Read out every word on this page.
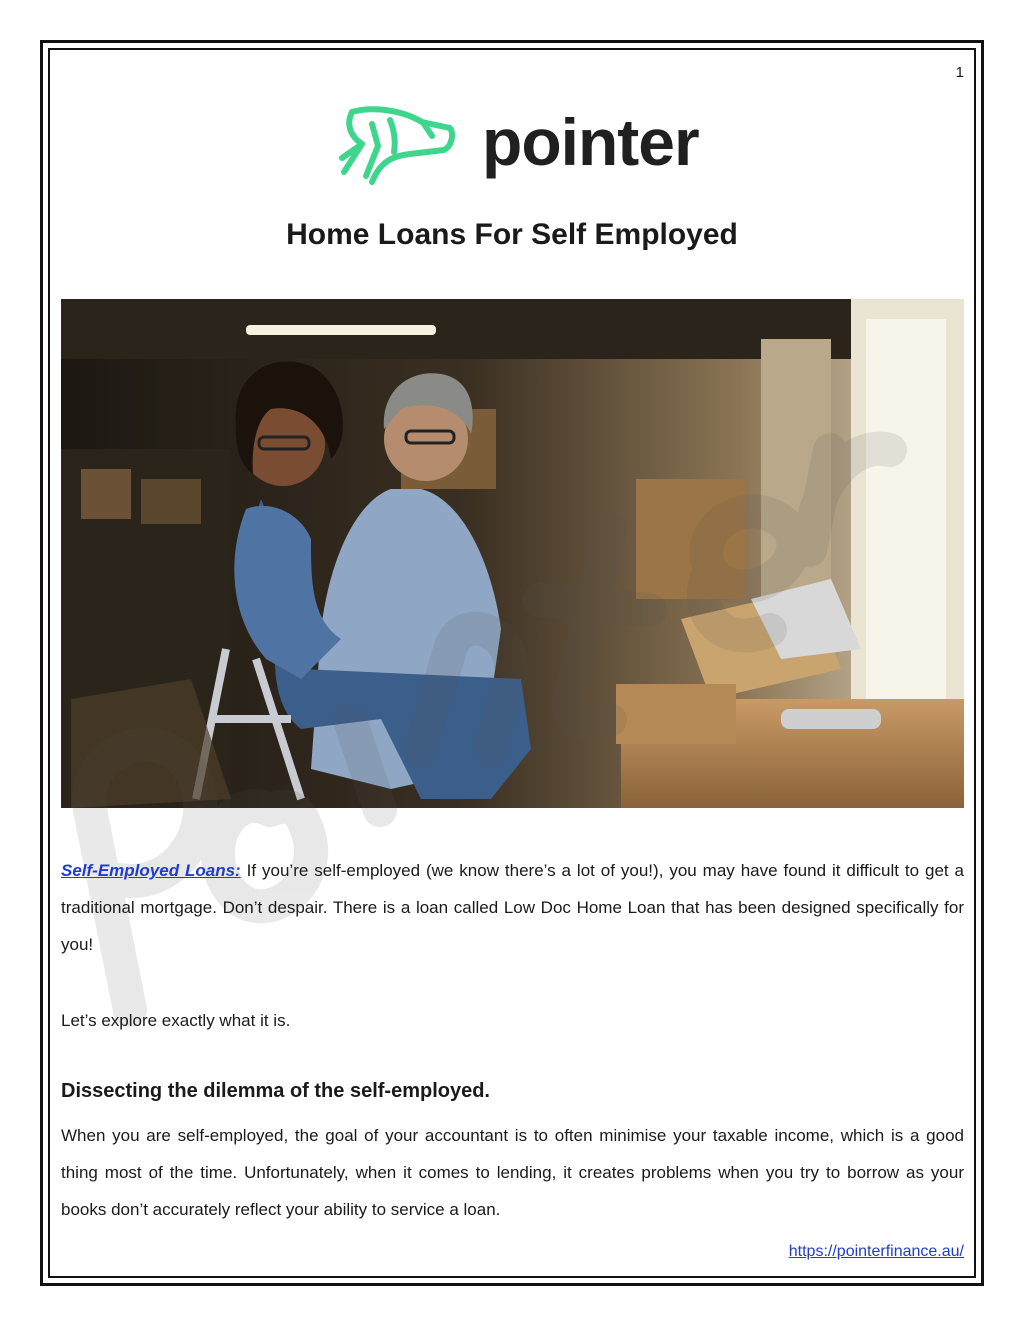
1
pointer
Home Loans For Self Employed
Self-Employed Loans: If you’re self-employed (we know there’s a lot of you!), you may have found it difficult to get a traditional mortgage. Don’t despair. There is a loan called Low Doc Home Loan that has been designed specifically for you!
Let’s explore exactly what it is.
Dissecting the dilemma of the self-employed.
When you are self-employed, the goal of your accountant is to often minimise your taxable income, which is a good thing most of the time. Unfortunately, when it comes to lending, it creates problems when you try to borrow as your books don’t accurately reflect your ability to service a loan.
https://pointerfinance.au/
